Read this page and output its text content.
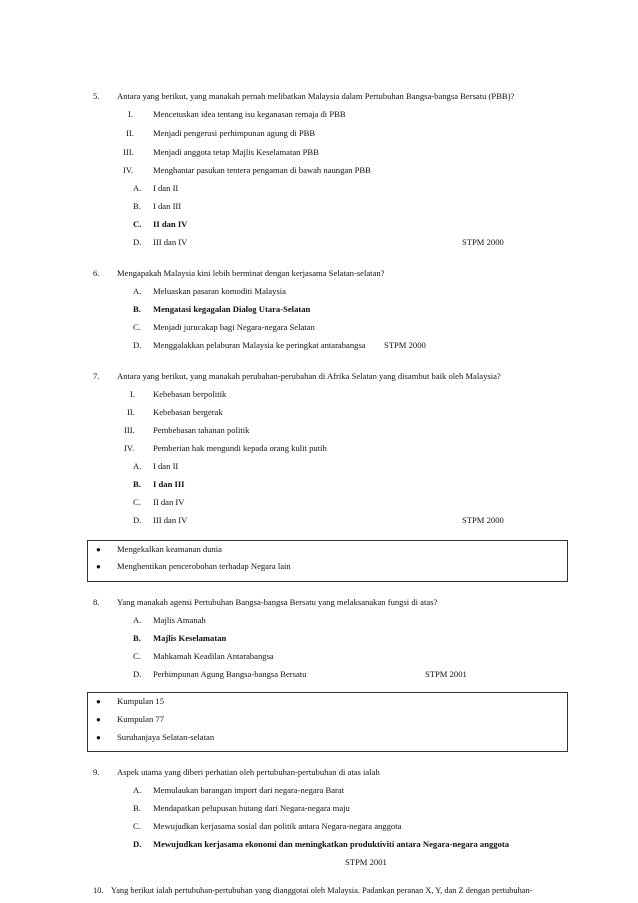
5. Antara yang berikut, yang manakah pernah melibatkan Malaysia dalam Pertubuhan Bangsa-bangsa Bersatu (PBB)?
I. Mencetuskan idea tentang isu keganasan remaja di PBB
II. Menjadi pengerusi perhimpunan agung di PBB
III. Menjadi anggota tetap Majlis Keselamatan PBB
IV. Menghantar pasukan tentera pengaman di bawah naungan PBB
A. I dan II
B. I dan III
C. II dan IV
D. III dan IV	STPM 2000
6. Mengapakah Malaysia kini lebih berminat dengan kerjasama Selatan-selatan?
A. Meluaskan pasaran komoditi Malaysia
B. Mengatasi kegagalan Dialog Utara-Selatan
C. Menjadi jurucakap bagi Negara-negara Selatan
D. Menggalakkan pelaburan Malaysia ke peringkat antarabangsa STPM 2000
7. Antara yang berikut, yang manakah perubahan-perubahan di Afrika Selatan yang disambut baik oleh Malaysia?
I. Kebebasan berpolitik
II. Kebebasan bergerak
III. Pembebasan tahanan politik
IV. Pemberian hak mengundi kepada orang kulit putih
A. I dan II
B. I dan III
C. II dan IV
D. III dan IV	STPM 2000
● Mengekalkan keamanan dunia
● Menghentikan pencerobohan terhadap Negara lain
8. Yang manakah agensi Pertubuhan Bangsa-bangsa Bersatu yang melaksanakan fungsi di atas?
A. Majlis Amanah
B. Majlis Keselamatan
C. Mahkamah Keadilan Antarabangsa
D. Perhimpunan Agung Bangsa-bangsa Bersatu	STPM 2001
● Kumpulan 15
● Kumpulan 77
● Suruhanjaya Selatan-selatan
9. Aspek utama yang diberi perhatian oleh pertubuhan-pertubuhan di atas ialah
A. Memulaukan barangan import dari negara-negara Barat
B. Mendapatkan pelupusan hutang dari Negara-negara maju
C. Mewujudkan kerjasama sosial dan politik antara Negara-negara anggota
D. Mewujudkan kerjasama ekonomi dan meningkatkan produktiviti antara Negara-negara anggota
STPM 2001
10. Yang berikut ialah pertubuhan-pertubuhan yang dianggotai oleh Malaysia. Padankan peranan X, Y, dan Z dengan pertubuhan-
